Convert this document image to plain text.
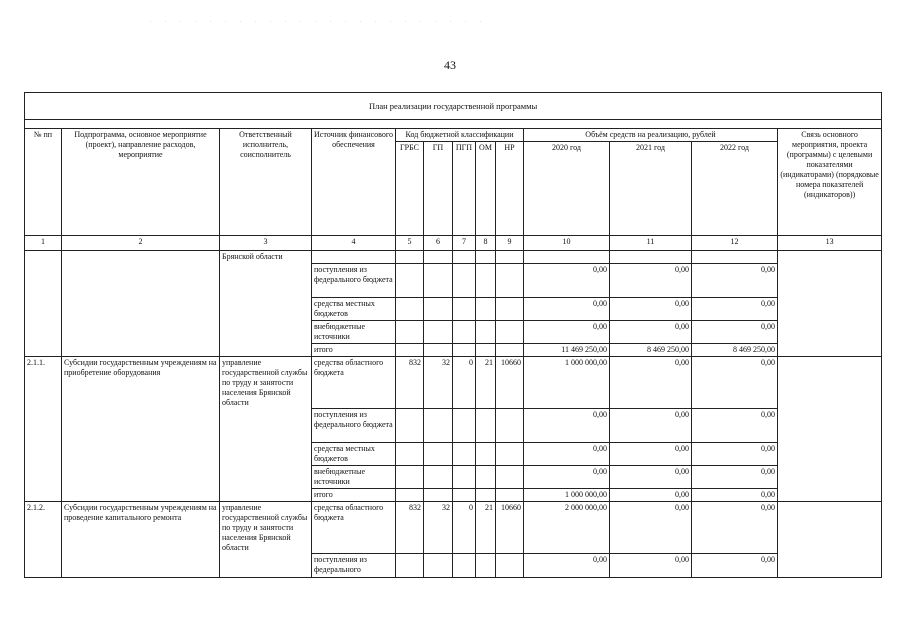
. . . . . . . . . . . . . . . . . . . . . . .
43
План реализации государственной программы												

№ пп	Подпрограмма, основное мероприятие (проект), направление расходов, мероприятие	Ответственный исполнитель, соисполнитель	Источник финансового обеспечения	Код бюджетной классификации					Объём средств на реализацию, рублей			Связь основного мероприятия, проекта (программы) с целевыми показателями (индикаторами) (порядковые номера показателей (индикаторов))
				ГРБС	ГП	ПГП	ОМ	НР	2020 год	2021 год	2022 год	
1	2	3	4	5	6	7	8	9	10	11	12	13
		Брянской области										
			поступления из федерального бюджета						0,00	0,00	0,00	
			средства местных бюджетов						0,00	0,00	0,00	
			внебюджетные источники						0,00	0,00	0,00	
			итого						11 469 250,00	8 469 250,00	8 469 250,00	
2.1.1.	Субсидии государственным учреждениям на приобретение оборудования	управление государственной службы по труду и занятости населения Брянской области	средства областного бюджета	832	32	0	21	10660	1 000 000,00	0,00	0,00	
			поступления из федерального бюджета						0,00	0,00	0,00	
			средства местных бюджетов						0,00	0,00	0,00	
			внебюджетные источники						0,00	0,00	0,00	
			итого						1 000 000,00	0,00	0,00	
2.1.2.	Субсидии государственным учреждениям на проведение капитального ремонта	управление государственной службы по труду и занятости населения Брянской области	средства областного бюджета	832	32	0	21	10660	2 000 000,00	0,00	0,00	
			поступления из федерального						0,00	0,00	0,00	
